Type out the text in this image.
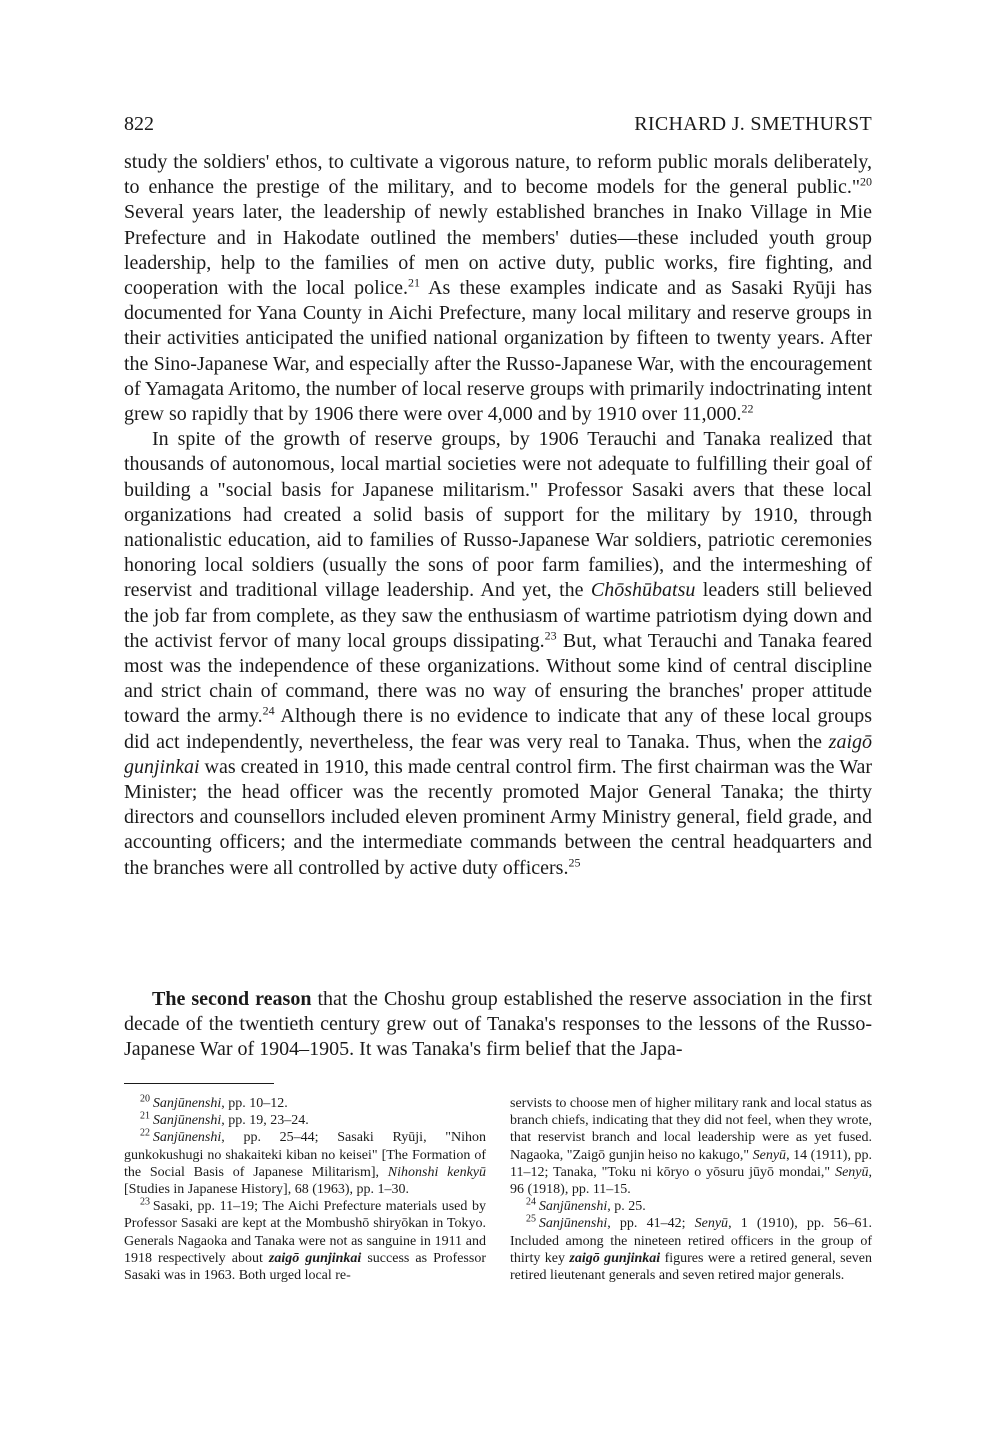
822	RICHARD J. SMETHURST

study the soldiers' ethos, to cultivate a vigorous nature, to reform public morals deliberately, to enhance the prestige of the military, and to become models for the general public."$^{20}$ Several years later, the leadership of newly established branches in Inako Village in Mie Prefecture and in Hakodate outlined the members' duties—these included youth group leadership, help to the families of men on active duty, public works, fire fighting, and cooperation with the local police.$^{21}$ As these examples indicate and as Sasaki Ryūji has documented for Yana County in Aichi Prefecture, many local military and reserve groups in their activities anticipated the unified national organization by fifteen to twenty years. After the Sino-Japanese War, and especially after the Russo-Japanese War, with the encouragement of Yamagata Aritomo, the number of local reserve groups with primarily indoctrinating intent grew so rapidly that by 1906 there were over 4,000 and by 1910 over 11,000.22

In spite of the growth of reserve groups, by 1906 Terauchi and Tanaka realized that thousands of autonomous, local martial societies were not adequate to fulfilling their goal of building a "social basis for Japanese militarism." Professor Sasaki avers that these local organizations had created a solid basis of support for the military by 1910, through nationalistic education, aid to families of Russo-Japanese War soldiers, patriotic ceremonies honoring local soldiers (usually the sons of poor farm families), and the intermeshing of reservist and traditional village leadership. And yet, the Chōshūbatsu leaders still believed the job far from complete, as they saw the enthusiasm of wartime patriotism dying down and the activist fervor of many local groups dissipating.$^{23}$ But, what Terauchi and Tanaka feared most was the independence of these organizations. Without some kind of central discipline and strict chain of command, there was no way of ensuring the branches' proper attitude toward the army.$^{24}$ Although there is no evidence to indicate that any of these local groups did act independently, nevertheless, the fear was very real to Tanaka. Thus, when the zaigō gunjinkai was created in 1910, this made central control firm. The first chairman was the War Minister; the head officer was the recently promoted Major General Tanaka; the thirty directors and counsellors included eleven prominent Army Ministry general, field grade, and accounting officers; and the intermediate commands between the central headquarters and the branches were all controlled by active duty officers.$^{25}$

The second reason that the Choshu group established the reserve association in the first decade of the twentieth century grew out of Tanaka's responses to the lessons of the Russo-Japanese War of 1904–1905. It was Tanaka's firm belief that the Japa-

$^{20}$  Sanjūnenshi, pp. 10–12.

$^{21}$  Sanjūnenshi, pp. 19, 23–24.

$^{22}$  Sanjūnenshi, pp. 25–44; Sasaki Ryūji, "Nihon gunkokushugi no shakaiteki kiban no keisei" [The Formation of the Social Basis of Japanese Militarism], Nihonshi kenkyū [Studies in Japanese History], 68 (1963), pp. 1–30.

$^{23}$  Sasaki, pp. 11–19; The Aichi Prefecture materials used by Professor Sasaki are kept at the Mombushō shiryōkan in Tokyo. Generals Nagaoka and Tanaka were not as sanguine in 1911 and 1918 respectively about zaigō gunjinkai success as Professor Sasaki was in 1963. Both urged local re-

servists to choose men of higher military rank and local status as branch chiefs, indicating that they did not feel, when they wrote, that reservist branch and local leadership were as yet fused. Nagaoka, "Zaigō gunjin heiso no kakugo," Senyū, 14 (1911), pp. 11–12; Tanaka, "Toku ni kōryo o yōsuru jūyō mondai," Senyū, 96 (1918), pp. 11–15.

$^{24}$  Sanjūnenshi, p. 25.

$^{25}$  Sanjūnenshi, pp. 41–42; Senyū, 1 (1910), pp. 56–61. Included among the nineteen retired officers in the group of thirty key zaigō gunjinkai figures were a retired general, seven retired lieutenant generals and seven retired major generals.
